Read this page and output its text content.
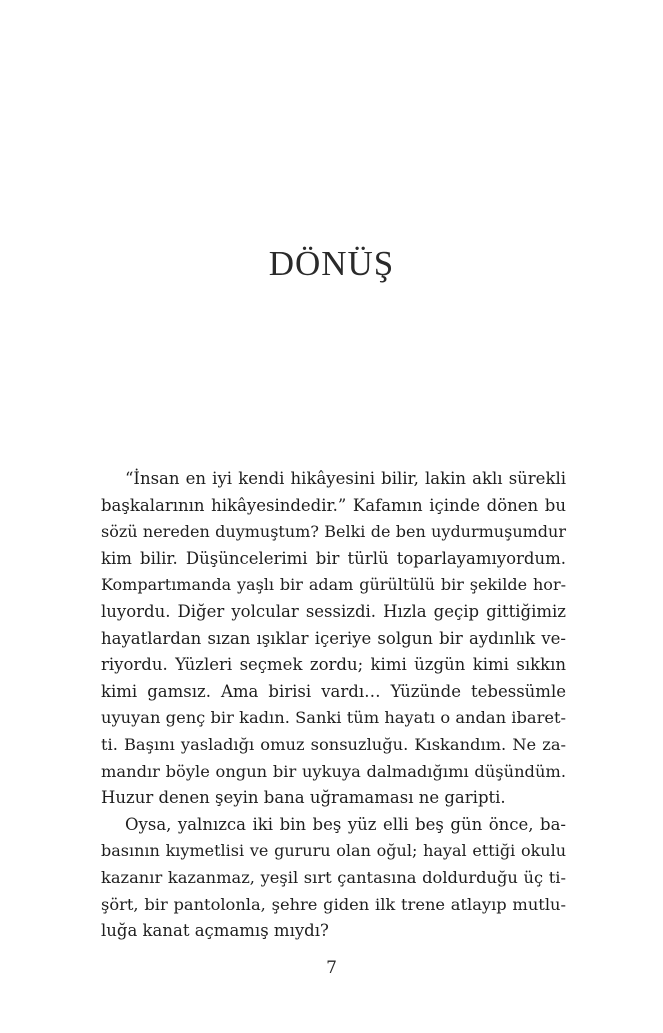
DÖNÜŞ
“İnsan en iyi kendi hikâyesini bilir, lakin aklı sürekli
başkalarının hikâyesindedir.” Kafamın içinde dönen bu
sözü nereden duymuştum? Belki de ben uydurmuşumdur
kim bilir. Düşüncelerimi bir türlü toparlayamıyordum.
Kompartımanda yaşlı bir adam gürültülü bir şekilde hor-
luyordu. Diğer yolcular sessizdi. Hızla geçip gittiğimiz
hayatlardan sızan ışıklar içeriye solgun bir aydınlık ve-
riyordu. Yüzleri seçmek zordu; kimi üzgün kimi sıkkın
kimi gamsız. Ama birisi vardı… Yüzünde tebessümle
uyuyan genç bir kadın. Sanki tüm hayatı o andan ibaret-
ti. Başını yasladığı omuz sonsuzluğu. Kıskandım. Ne za-
mandır böyle ongun bir uykuya dalmadığımı düşündüm.
Huzur denen şeyin bana uğramaması ne garipti.
Oysa, yalnızca iki bin beş yüz elli beş gün önce, ba-
basının kıymetlisi ve gururu olan oğul; hayal ettiği okulu
kazanır kazanmaz, yeşil sırt çantasına doldurduğu üç ti-
şört, bir pantolonla, şehre giden ilk trene atlayıp mutlu-
luğa kanat açmamış mıydı?
7
